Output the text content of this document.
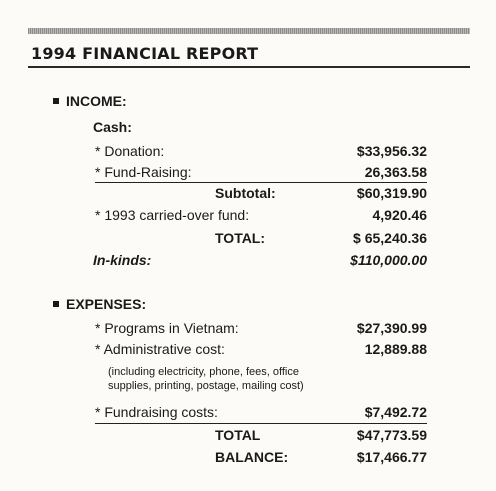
1994 FINANCIAL REPORT
INCOME:
Cash:
* Donation:	$33,956.32
* Fund-Raising:	26,363.58
Subtotal:	$60,319.90
* 1993 carried-over fund:	4,920.46
TOTAL:	$ 65,240.36
In-kinds:	$110,000.00
EXPENSES:
* Programs in Vietnam:	$27,390.99
* Administrative cost:	12,889.88
(including electricity, phone, fees, office
supplies, printing, postage, mailing cost)
* Fundraising costs:	$7,492.72
TOTAL	$47,773.59
BALANCE:	$17,466.77
